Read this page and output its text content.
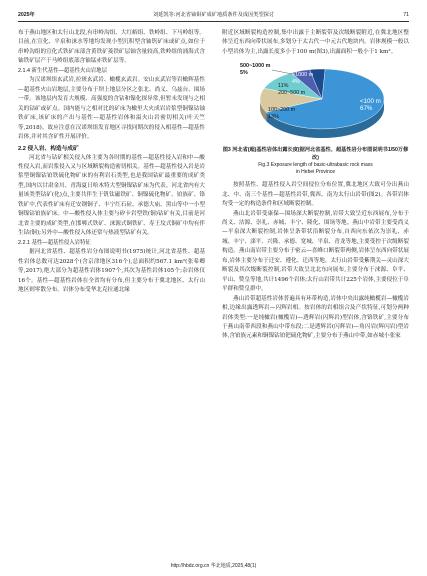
2025年	刘延凯等:河北省铀钼矿成矿地质条件及成因类型探讨	71

布于燕山地区和太行山北段,有串岭沟组、大红峪组、铁岭组、下马岭组等。目前,在宣化、平泉和涞水等地均发现小型沉积型含铀钒矿床或矿点,如位于串岭沟组的宣化式铁矿床部含黄铁矿菱铁矿层铀含量较高,铁岭组的涌海式含铀铁矿层产于马岭组底部含铀锰赤铁矿层等。

2.1.4 新生代基性—超基性火山岩地层

为汉诺坝组玄武岩,拉斑玄武岩、橄榄玄武岩。安山玄武岩等岩橄辉基性—超基性火山岩地层,主要分布于坝上地层分区之张北、尚义、乌兹台、围场一带。该地层内发育大规模、高强度的含钴和镍化探异常,但暂未发现与之相关的钴矿或矿点。国内能与之相对比的矿床为橄里大火成岩岩浆型铜镍钴铀铁矿床,该矿床的产出与基性—超基性岩体和溢火山岩密切相关(叶天竺等,2018)。故应注意在汉诺坝组发育地区寻找同期次的侵入相基性—超基性岩体,并对其含矿性开展评价。

2.2 侵入岩、构造与成矿

河北省与钴矿相关侵入体主要为各时期的基性—超基性侵入岩和中—酸性侵入岩,而岩浆侵入又与区域断裂构造密切相关。基性—超基性侵入岩是岩浆型铜镍钴铂铁硫化物矿床的有利岩石类型,也是我国钴矿最重要的成矿类型,国内以甘肃金川、青海夏日哈木特大型铜镍钴矿床为代表。河北省内有大量该类型钴矿(化)点,主要共伴生于钒钛磁铁矿、铜镍硫化物矿、铂族矿、铬铁矿中,代表性矿床有迁安钢铜子、丰宁红石砬、承德大庙、黑山等中一小型铜镍钴铂族矿床。中—酸性侵入体主要与矽卡岩型铁(铜)钴矿有关,目前是河北省主要的成矿类型,在邯郸式铁矿、涞源式铜铁矿、寿王坟式铜矿中均有伴生钴(铜);另外中—酸性侵入体还常与热液型钴矿有关。

2.2.1 基性—超基性侵入岩特征

据河北省基性、超基性岩分布图说明书(1975)统计,河北省基性、超基性岩体总数可达2028个(含京津地区316个),总面积约567.1 km²(张希卿等,2017),绝大部分为超基性岩体1907个,其次为基性岩体105个;杂岩体仅16个。基性—超基性岩体在全省均有分布,但主要分布于冀北地区、太行山地区则零散分布。岩体分布受华北克拉通北缘

附近区域断裂构造控制,集中出露于主断裂带及次级断裂附近,在冀北地区整体呈近东西向带状展布,多划分于太古代一中元古代地块内。岩体规模一般以小型岩体为主,出露长度多小于100 m(图3),出露面积一般小于1 km²。

<100 m 67%
100~200 m 13%
11% 200~500 m
500~1000 m 5%	>1000 m 4%
图3 河北省(超)基性岩体出露长度(据河北省基性、超基性岩分布图说明书1/50万修改)
Fig.3 Exposure length of basic-ultrabasic rock mass
in Hebei Province

按照基性、超基性侵入岩空间侵位分布位置,冀北地区大致可分出燕山北、中、南三个基性—超基性岩带,冀西、南为太行山岩带(图2)。各带岩体均受一定的构造条件和区域断裂控制。

燕山北岩带受康保—围场深大断裂控制,岩带大致呈近东西展布,分布于尚义、沽源、崇礼、赤城、丰宁、隆化、围场等地。燕山中岩带主要受尚义—平泉深大断裂控制,岩体呈条带状沿断裂分布,自西向东依次为崇礼、赤城、丰宁、滦平、兴隆、承德、宽城、平泉、青龙等地,主要受控于次级断裂构造。燕山南岩带主要分布于密云—喜峰口断裂带两侧,岩体呈东西向带状展布,岩体主要分布于迁安、遵化、迁西等地。太行山岩带受紫荆关—灵山深大断裂及其次级断裂控制,岩带大致呈北北东向展布,主要分布于涞源、阜平、平山、赞皇等地,共计1496个岩体;太行山岩带共计225个岩体,主要侵位于阜平群和赞皇群中。

燕山岩带超基性岩体普遍具有环带构造,岩体中央出露纯橄榄岩—橄榄岩相,边缘出露透辉岩—闪辉岩相。按岩体的岩相组合及产状特征,可划分两种岩体类型:一是纯橄岩(橄榄岩)—透辉岩(闪辉岩)型岩体,含铬铁矿,主要分布于燕山南带西段和燕山中带东段;二是透辉岩(闪辉岩)—角闪岩(辉闪岩)型岩体,含铂族元素和铜镍钴铂钯硫化物矿,主要分布于燕山中带,如赤城小张家

http://hbdz.org.cn 华北地质,2025,48(1)
